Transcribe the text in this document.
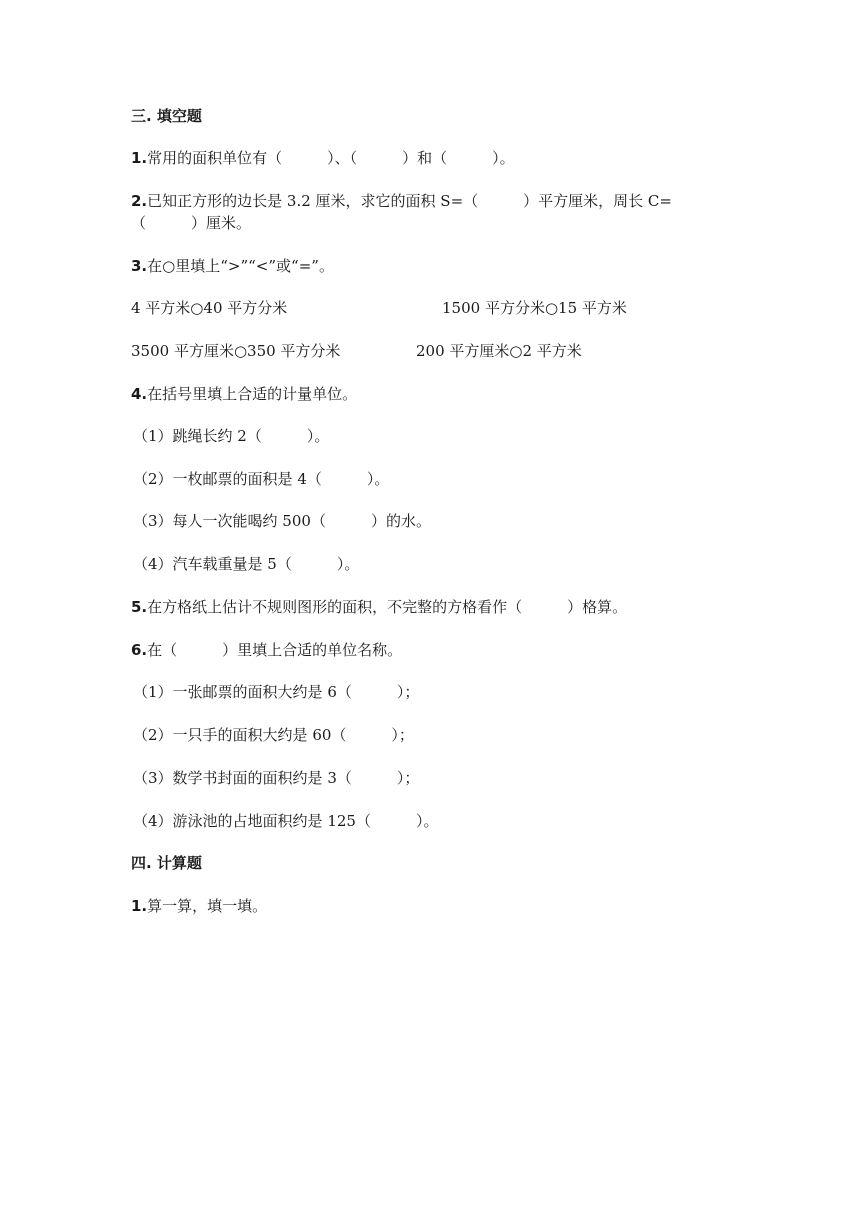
三. 填空题
1.常用的面积单位有（　　　）、（　　　）和（　　　）。
2.已知正方形的边长是 3.2 厘米，求它的面积 S=（　　　）平方厘米，周长 C=
（　　　）厘米。
3.在○里填上“>”“<”或“=”。
4 平方米○40 平方分米	1500 平方分米○15 平方米
3500 平方厘米○350 平方分米	200 平方厘米○2 平方米
4.在括号里填上合适的计量单位。
（1）跳绳长约 2（　　　）。
（2）一枚邮票的面积是 4（　　　）。
（3）每人一次能喝约 500（　　　）的水。
（4）汽车载重量是 5（　　　）。
5.在方格纸上估计不规则图形的面积，不完整的方格看作（　　　）格算。
6.在（　　　）里填上合适的单位名称。
（1）一张邮票的面积大约是 6（　　　）；
（2）一只手的面积大约是 60（　　　）；
（3）数学书封面的面积约是 3（　　　）；
（4）游泳池的占地面积约是 125（　　　）。
四. 计算题
1.算一算，填一填。
